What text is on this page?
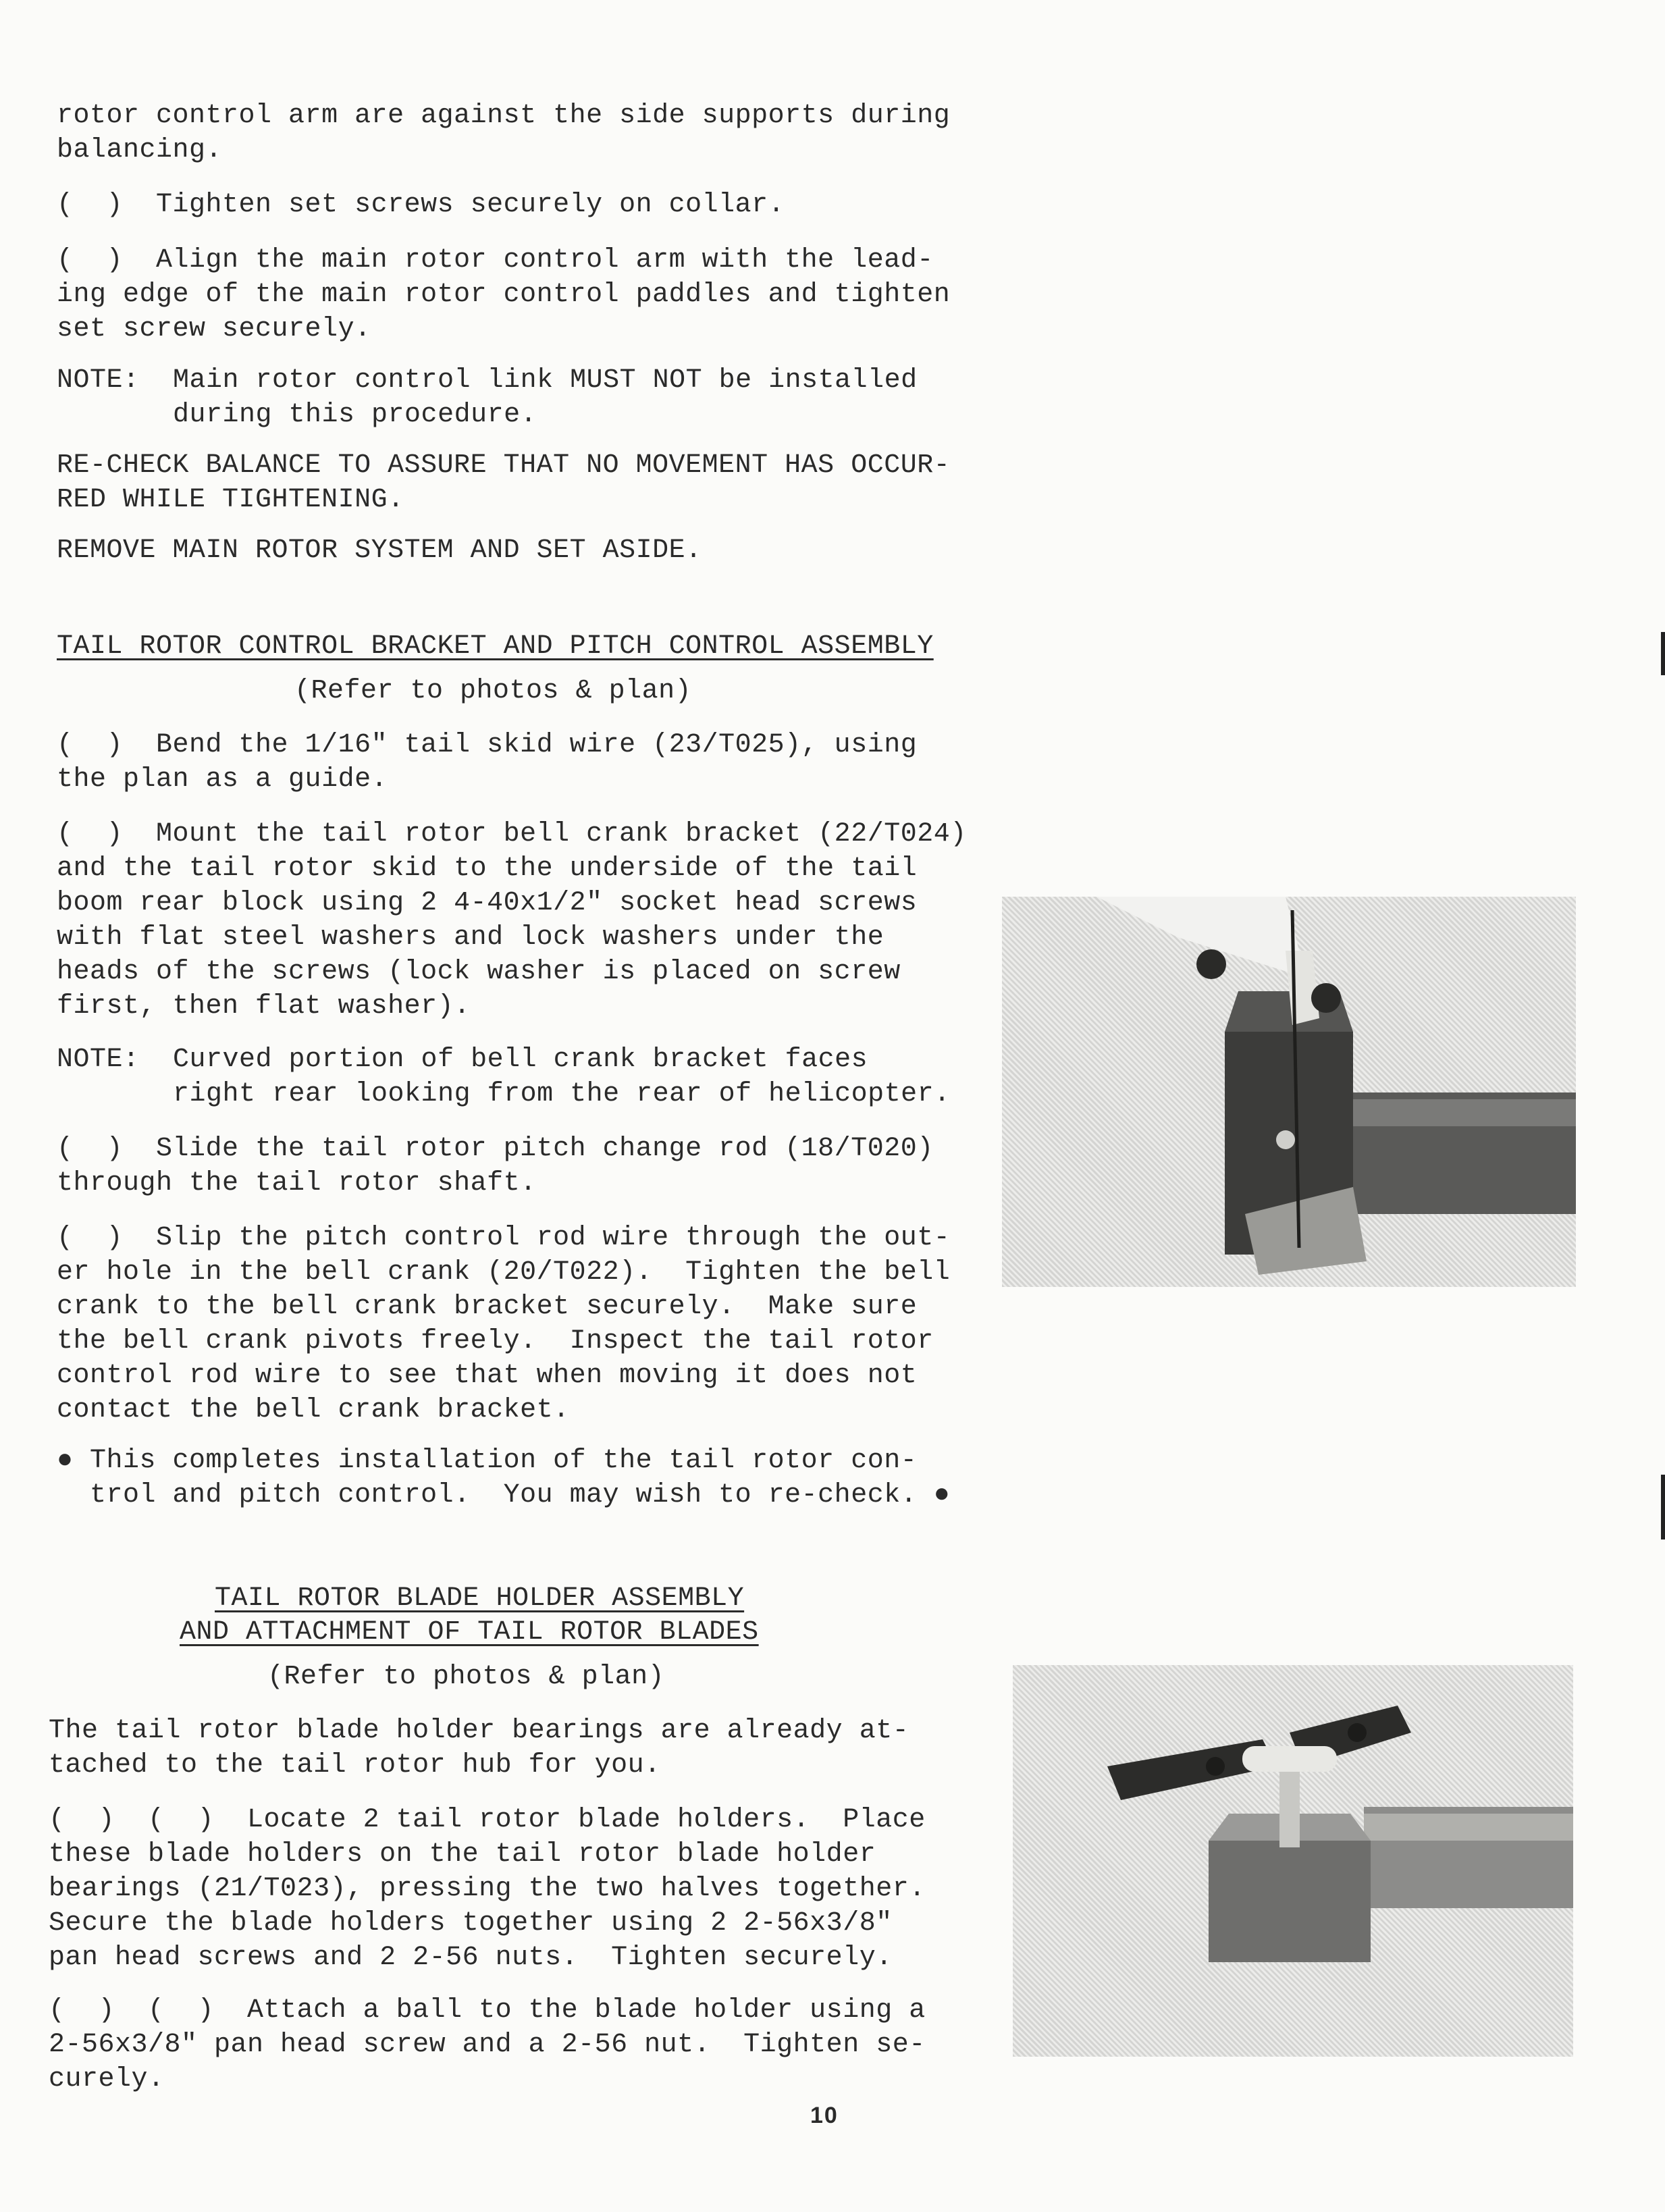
rotor control arm are against the side supports during
balancing.

(  )  Tighten set screws securely on collar.

(  )  Align the main rotor control arm with the lead-
ing edge of the main rotor control paddles and tighten
set screw securely.

NOTE: Main rotor control link MUST NOT be installed
during this procedure.

RE-CHECK BALANCE TO ASSURE THAT NO MOVEMENT HAS OCCUR-
RED WHILE TIGHTENING.

REMOVE MAIN ROTOR SYSTEM AND SET ASIDE.

TAIL ROTOR CONTROL BRACKET AND PITCH CONTROL ASSEMBLY

(Refer to photos & plan)

(  )  Bend the 1/16" tail skid wire (23/T025), using
the plan as a guide.

(  )  Mount the tail rotor bell crank bracket (22/T024)
and the tail rotor skid to the underside of the tail
boom rear block using 2 4-40x1/2" socket head screws
with flat steel washers and lock washers under the
heads of the screws (lock washer is placed on screw
first, then flat washer).

NOTE: Curved portion of bell crank bracket faces
right rear looking from the rear of helicopter.

(  )  Slide the tail rotor pitch change rod (18/T020)
through the tail rotor shaft.

(  )  Slip the pitch control rod wire through the out-
er hole in the bell crank (20/T022).  Tighten the bell
crank to the bell crank bracket securely.  Make sure
the bell crank pivots freely.  Inspect the tail rotor
control rod wire to see that when moving it does not
contact the bell crank bracket.

● This completes installation of the tail rotor con-
trol and pitch control.  You may wish to re-check. ●

TAIL ROTOR BLADE HOLDER ASSEMBLY

AND ATTACHMENT OF TAIL ROTOR BLADES

(Refer to photos & plan)

The tail rotor blade holder bearings are already at-
tached to the tail rotor hub for you.

(  )  (  )  Locate 2 tail rotor blade holders.  Place
these blade holders on the tail rotor blade holder
bearings (21/T023), pressing the two halves together.
Secure the blade holders together using 2 2-56x3/8"
pan head screws and 2 2-56 nuts.  Tighten securely.

(  )  (  )  Attach a ball to the blade holder using a
2-56x3/8" pan head screw and a 2-56 nut.  Tighten se-
curely.

10
